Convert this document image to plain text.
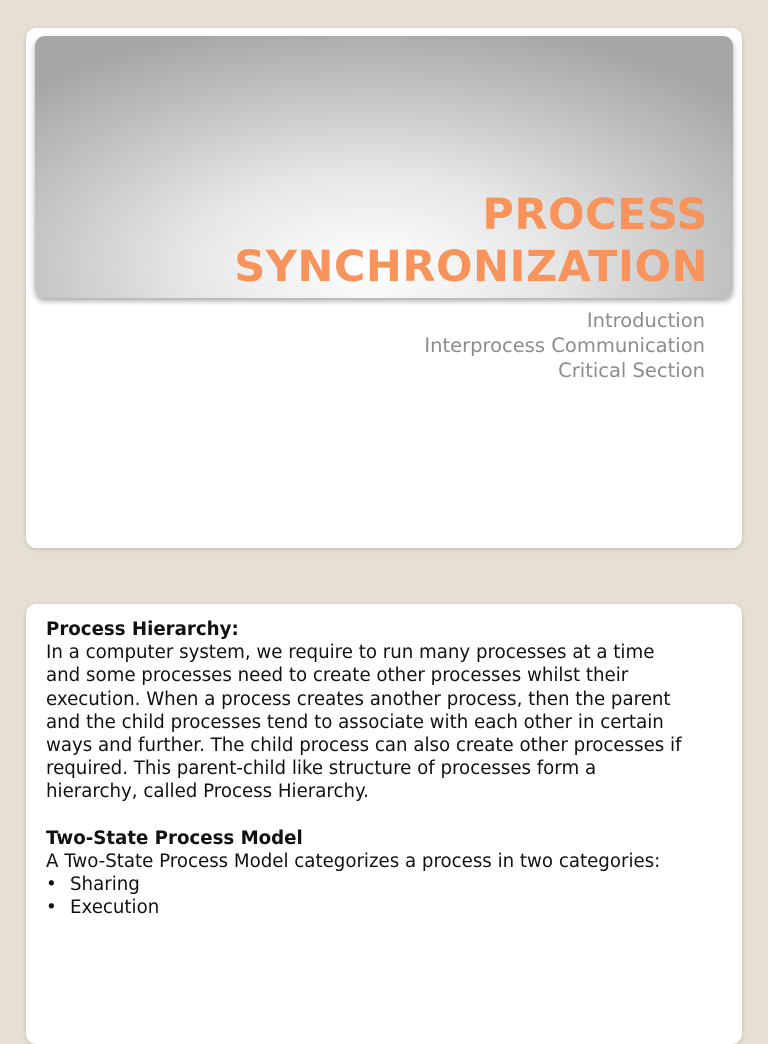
PROCESS
SYNCHRONIZATION
Introduction
Interprocess Communication
Critical Section

Process Hierarchy:

In a computer system, we require to run many processes at a time

and some processes need to create other processes whilst their

execution. When a process creates another process, then the parent

and the child processes tend to associate with each other in certain

ways and further. The child process can also create other processes if

required. This parent-child like structure of processes form a

hierarchy, called Process Hierarchy.

Two-State Process Model

A Two-State Process Model categorizes a process in two categories:

• Sharing
• Execution
